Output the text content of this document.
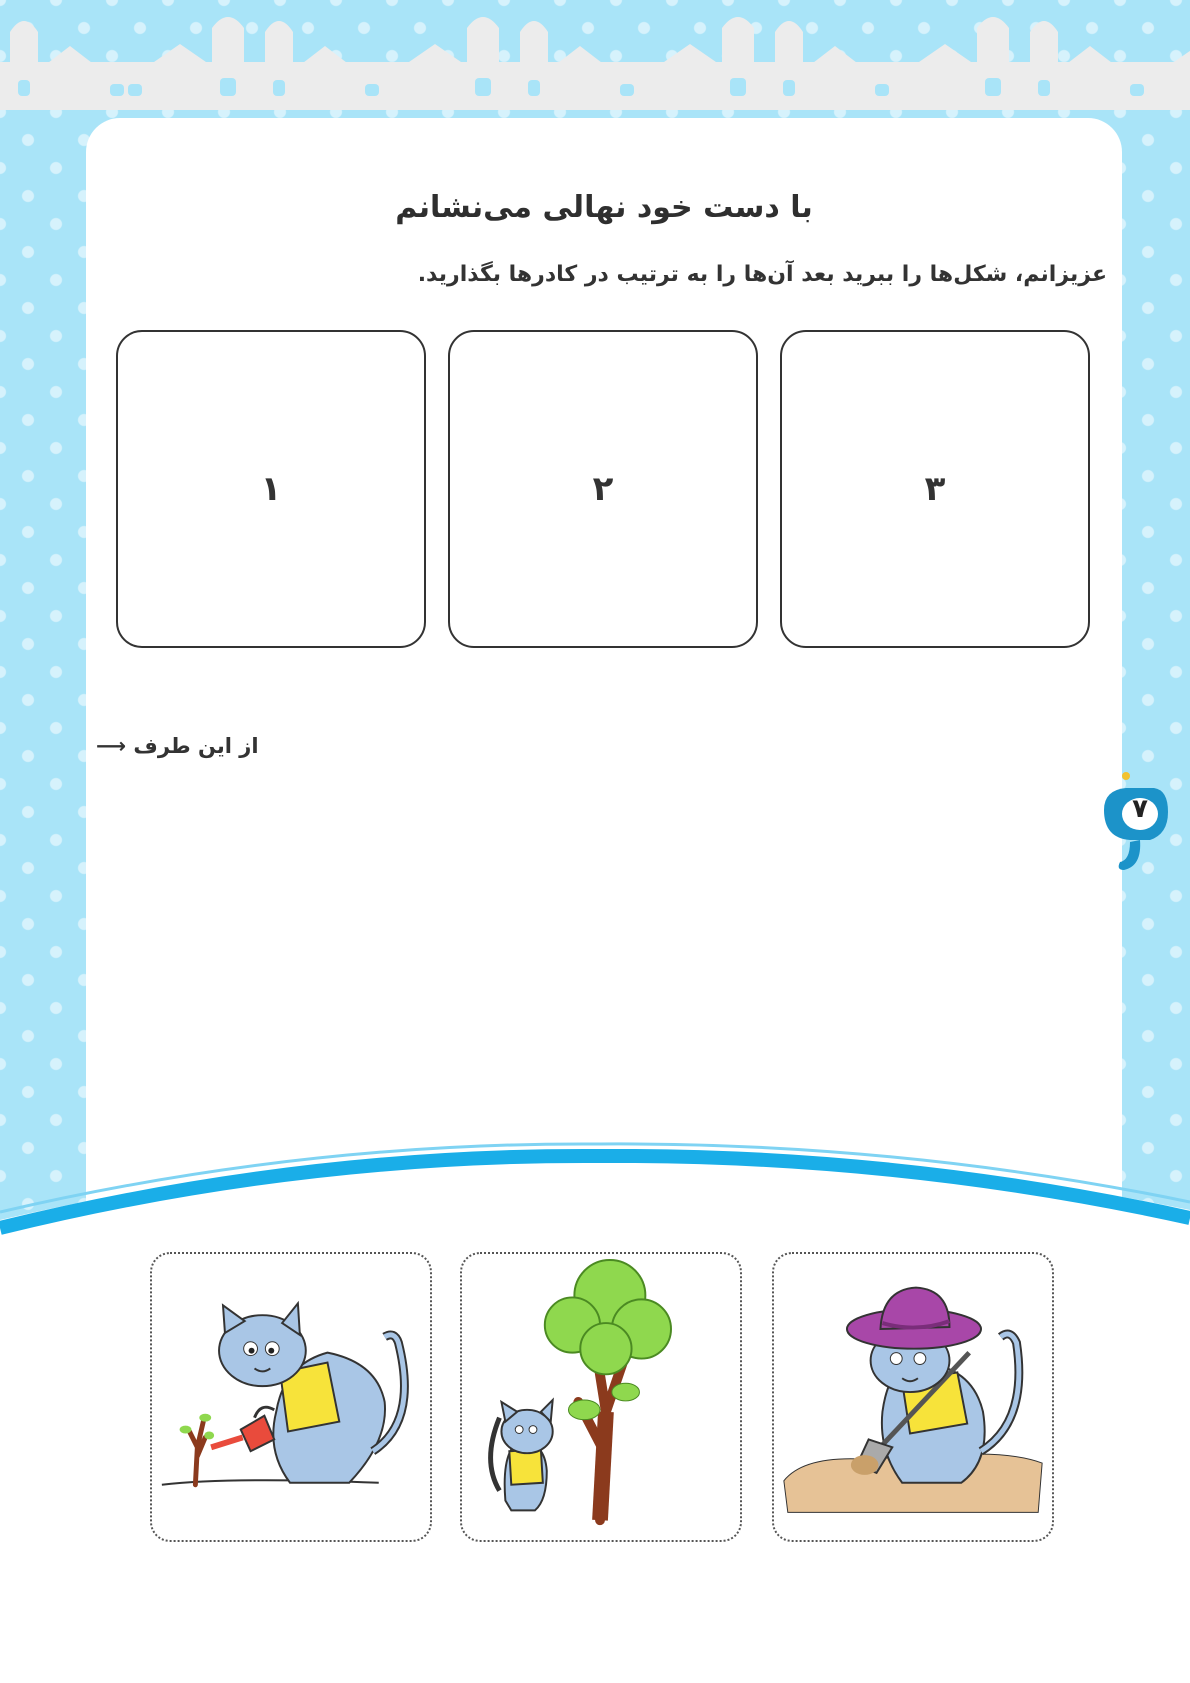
با دست خود نهالی می‌نشانم
عزیزانم، شکل‌ها را ببرید بعد آن‌ها را به ترتیب در کادرها بگذارید.
۱	۲	۳
⟶ از این طرف
۷
